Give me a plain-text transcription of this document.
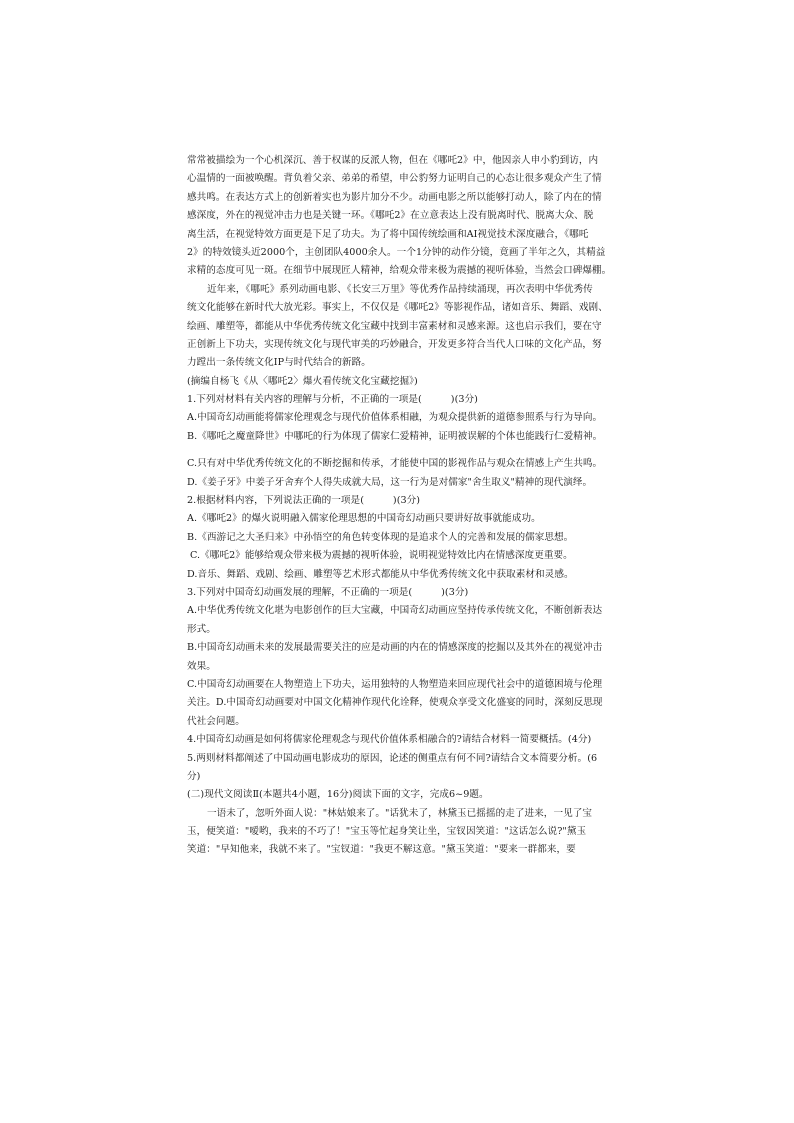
常常被描绘为一个心机深沉、善于权谋的反派人物，但在《哪吒2》中，他因亲人申小豹到访，内
心温情的一面被唤醒。背负着父亲、弟弟的希望，申公豹努力证明自己的心态让很多观众产生了情
感共鸣。在表达方式上的创新着实也为影片加分不少。动画电影之所以能够打动人，除了内在的情
感深度，外在的视觉冲击力也是关键一环。《哪吒2》在立意表达上没有脱离时代、脱离大众、脱
离生活，在视觉特效方面更是下足了功夫。为了将中国传统绘画和AI视觉技术深度融合，《哪吒
2》的特效镜头近2000个，主创团队4000余人。一个1分钟的动作分镜，竟画了半年之久，其精益
求精的态度可见一斑。在细节中展现匠人精神，给观众带来极为震撼的视听体验，当然会口碑爆棚。
近年来，《哪吒》系列动画电影、《长安三万里》等优秀作品持续涌现，再次表明中华优秀传
统文化能够在新时代大放光彩。事实上，不仅仅是《哪吒2》等影视作品，诸如音乐、舞蹈、戏剧、
绘画、雕塑等，都能从中华优秀传统文化宝藏中找到丰富素材和灵感来源。这也启示我们，要在守
正创新上下功夫，实现传统文化与现代审美的巧妙融合，开发更多符合当代人口味的文化产品，努
力蹚出一条传统文化IP与时代结合的新路。
(摘编自杨飞《从〈哪吒2〉爆火看传统文化宝藏挖掘》)
1.下列对材料有关内容的理解与分析，不正确的一项是(　　　)(3分)
A.中国奇幻动画能将儒家伦理观念与现代价值体系相融，为观众提供新的道德参照系与行为导向。
B.《哪吒之魔童降世》中哪吒的行为体现了儒家仁爱精神，证明被误解的个体也能践行仁爱精神。
C.只有对中华优秀传统文化的不断挖掘和传承，才能使中国的影视作品与观众在情感上产生共鸣。
D.《姜子牙》中姜子牙舍弃个人得失成就大局，这一行为是对儒家"舍生取义"精神的现代演绎。
2.根据材料内容，下列说法正确的一项是(　　　)(3分)
A.《哪吒2》的爆火说明融入儒家伦理思想的中国奇幻动画只要讲好故事就能成功。
B.《西游记之大圣归来》中孙悟空的角色转变体现的是追求个人的完善和发展的儒家思想。
C.《哪吒2》能够给观众带来极为震撼的视听体验，说明视觉特效比内在情感深度更重要。
D.音乐、舞蹈、戏剧、绘画、雕塑等艺术形式都能从中华优秀传统文化中获取素材和灵感。
3.下列对中国奇幻动画发展的理解，不正确的一项是(　　　)(3分)
A.中华优秀传统文化堪为电影创作的巨大宝藏，中国奇幻动画应坚持传承传统文化，不断创新表达
形式。
B.中国奇幻动画未来的发展最需要关注的应是动画的内在的情感深度的挖掘以及其外在的视觉冲击
效果。
C.中国奇幻动画要在人物塑造上下功夫，运用独特的人物塑造来回应现代社会中的道德困境与伦理
关注。D.中国奇幻动画要对中国文化精神作现代化诠释，使观众享受文化盛宴的同时，深刻反思现
代社会问题。
4.中国奇幻动画是如何将儒家伦理观念与现代价值体系相融合的?请结合材料一简要概括。(4分)
5.两则材料都阐述了中国动画电影成功的原因，论述的侧重点有何不同?请结合文本简要分析。(6
分)
(二)现代文阅读Ⅱ(本题共4小题，16分)阅读下面的文字，完成6~9题。
一语未了，忽听外面人说："林姑娘来了。"话犹未了，林黛玉已摇摇的走了进来，一见了宝
玉，便笑道："嗳哟，我来的不巧了！"宝玉等忙起身笑让坐，宝钗因笑道："这话怎么说?"黛玉
笑道："早知他来，我就不来了。"宝钗道："我更不解这意。"黛玉笑道："要来一群都来，要
